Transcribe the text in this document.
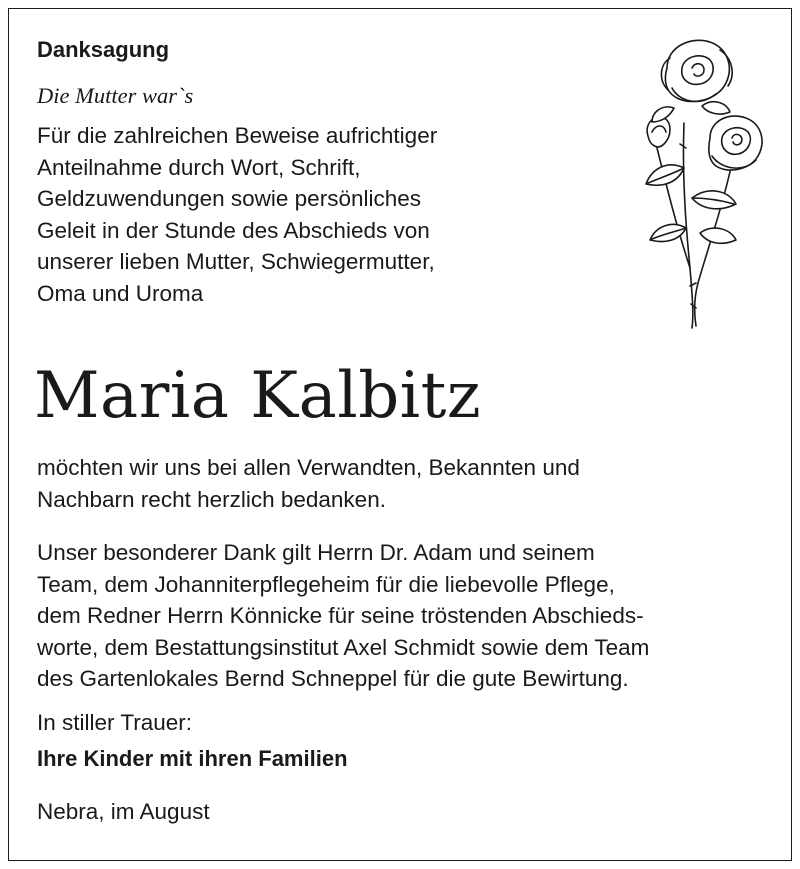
Danksagung
Die Mutter war`s
Für die zahlreichen Beweise aufrichtiger
Anteilnahme durch Wort, Schrift,
Geldzuwendungen sowie persönliches
Geleit in der Stunde des Abschieds von
unserer lieben Mutter, Schwiegermutter,
Oma und Uroma
Maria Kalbitz
möchten wir uns bei allen Verwandten, Bekannten und
Nachbarn recht herzlich bedanken.
Unser besonderer Dank gilt Herrn Dr. Adam und seinem
Team, dem Johanniterpflegeheim für die liebevolle Pflege,
dem Redner Herrn Könnicke für seine tröstenden Abschieds-
worte, dem Bestattungsinstitut Axel Schmidt sowie dem Team
des Gartenlokales Bernd Schneppel für die gute Bewirtung.
In stiller Trauer:
Ihre Kinder mit ihren Familien
Nebra, im August
